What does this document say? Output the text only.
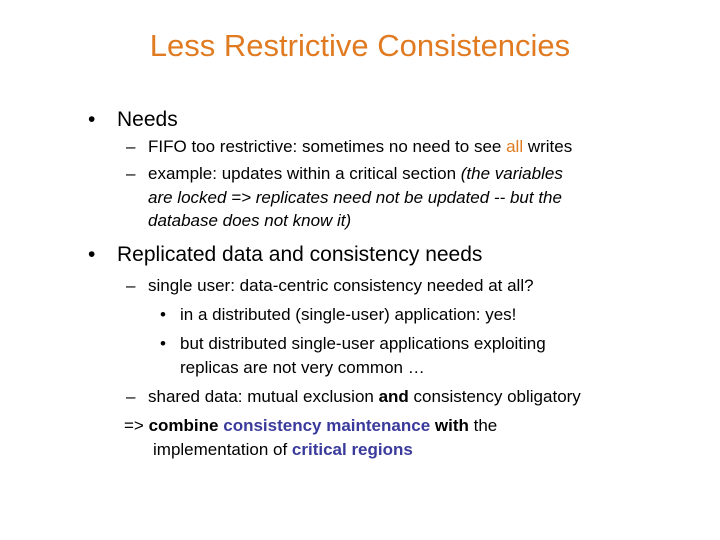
Less Restrictive Consistencies
• Needs
– FIFO too restrictive: sometimes no need to see all writes
– example: updates within a critical section (the variables
are locked => replicates need not be updated -- but the
database does not know it)
• Replicated data and consistency needs
– single user: data-centric consistency needed at all?
• in a distributed (single-user) application: yes!
• but distributed single-user applications exploiting
replicas are not very common …
– shared data: mutual exclusion and consistency obligatory
=> combine consistency maintenance with the
implementation of critical regions
